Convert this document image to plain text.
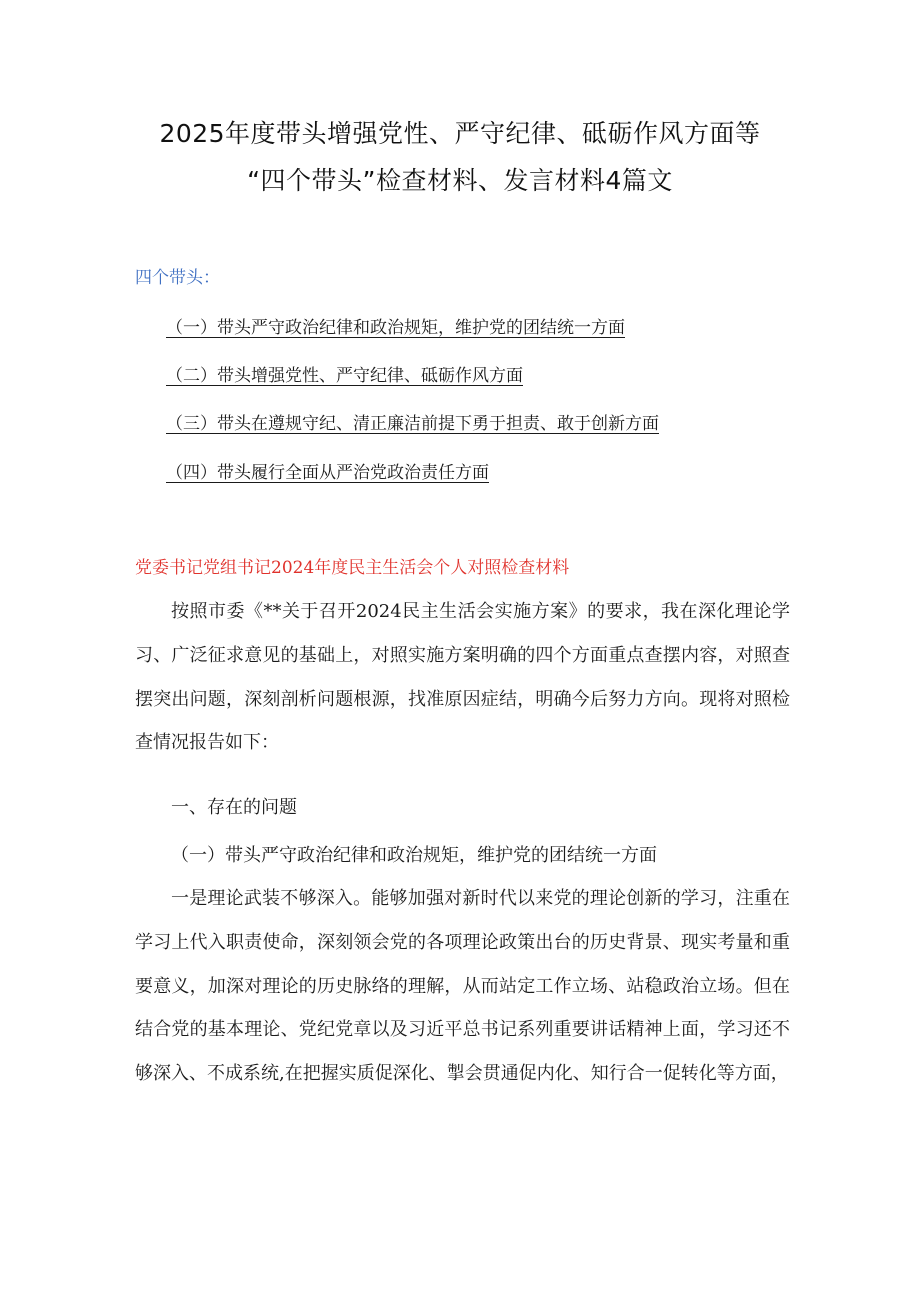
2025年度带头增强党性、严守纪律、砥砺作风方面等
“四个带头”检查材料、发言材料4篇文
四个带头：
（一）带头严守政治纪律和政治规矩，维护党的团结统一方面
（二）带头增强党性、严守纪律、砥砺作风方面
（三）带头在遵规守纪、清正廉洁前提下勇于担责、敢于创新方面
（四）带头履行全面从严治党政治责任方面
党委书记党组书记2024年度民主生活会个人对照检查材料
按照市委《**关于召开2024民主生活会实施方案》的要求，我在深化理论学习、广泛征求意见的基础上，对照实施方案明确的四个方面重点查摆内容，对照查摆突出问题，深刻剖析问题根源，找准原因症结，明确今后努力方向。现将对照检查情况报告如下：
一、存在的问题
（一）带头严守政治纪律和政治规矩，维护党的团结统一方面
一是理论武装不够深入。能够加强对新时代以来党的理论创新的学习，注重在学习上代入职责使命，深刻领会党的各项理论政策出台的历史背景、现实考量和重要意义，加深对理论的历史脉络的理解，从而站定工作立场、站稳政治立场。但在结合党的基本理论、党纪党章以及习近平总书记系列重要讲话精神上面，学习还不够深入、不成系统,在把握实质促深化、掣会贯通促内化、知行合一促转化等方面，
